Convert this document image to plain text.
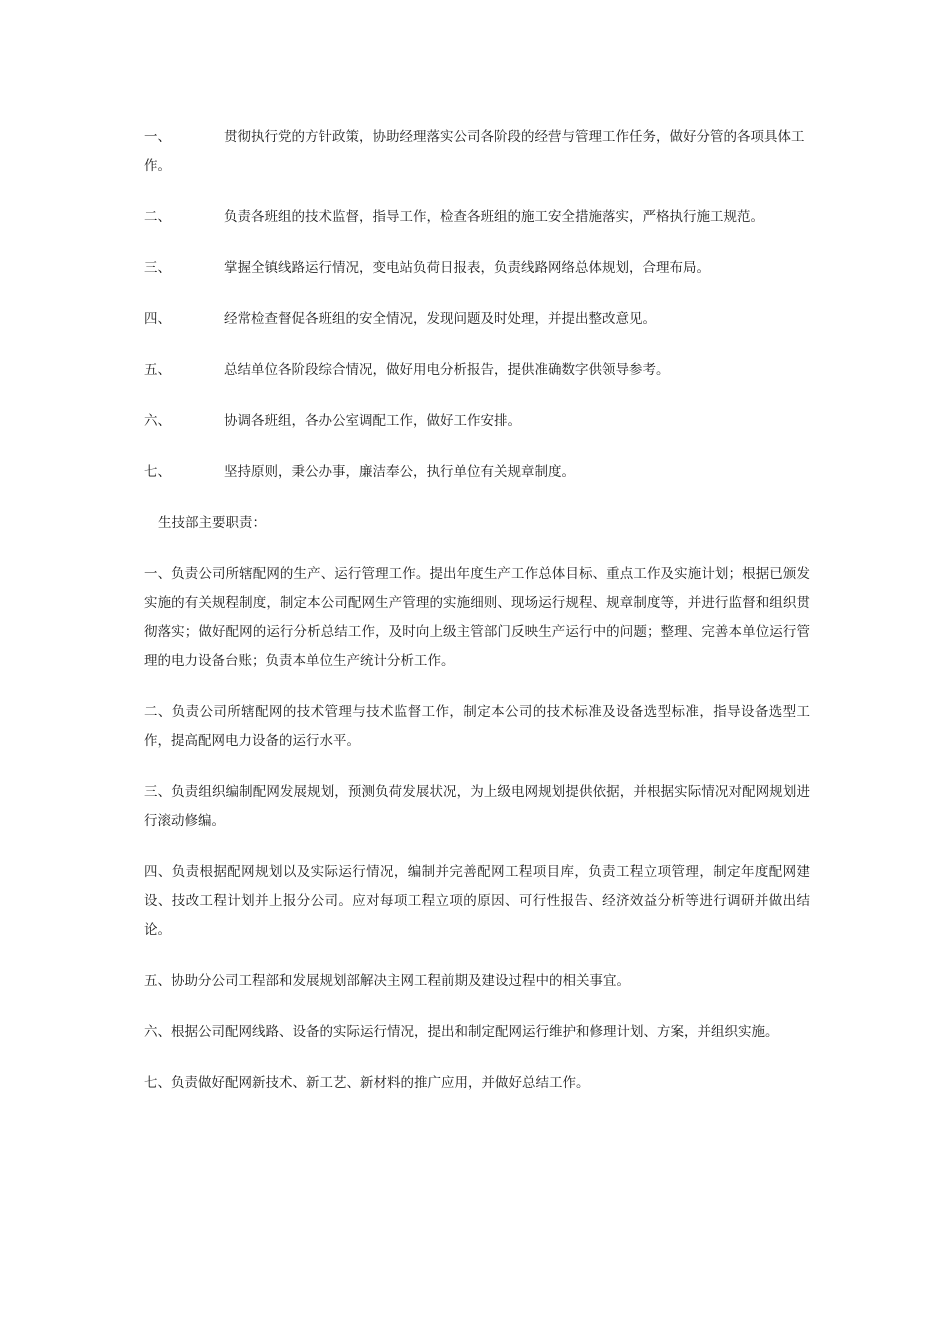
一、	贯彻执行党的方针政策，协助经理落实公司各阶段的经营与管理工作任务，做好分管的各项具体工作。

二、	负责各班组的技术监督，指导工作，检查各班组的施工安全措施落实，严格执行施工规范。

三、	掌握全镇线路运行情况，变电站负荷日报表，负责线路网络总体规划，合理布局。

四、	经常检查督促各班组的安全情况，发现问题及时处理，并提出整改意见。

五、	总结单位各阶段综合情况，做好用电分析报告，提供准确数字供领导参考。

六、	协调各班组，各办公室调配工作，做好工作安排。

七、	坚持原则，秉公办事，廉洁奉公，执行单位有关规章制度。

生技部主要职责：

一、负责公司所辖配网的生产、运行管理工作。提出年度生产工作总体目标、重点工作及实施计划；根据已颁发实施的有关规程制度，制定本公司配网生产管理的实施细则、现场运行规程、规章制度等，并进行监督和组织贯彻落实；做好配网的运行分析总结工作，及时向上级主管部门反映生产运行中的问题；整理、完善本单位运行管理的电力设备台账；负责本单位生产统计分析工作。

二、负责公司所辖配网的技术管理与技术监督工作，制定本公司的技术标准及设备选型标准，指导设备选型工作，提高配网电力设备的运行水平。

三、负责组织编制配网发展规划，预测负荷发展状况，为上级电网规划提供依据，并根据实际情况对配网规划进行滚动修编。

四、负责根据配网规划以及实际运行情况，编制并完善配网工程项目库，负责工程立项管理，制定年度配网建设、技改工程计划并上报分公司。应对每项工程立项的原因、可行性报告、经济效益分析等进行调研并做出结论。

五、协助分公司工程部和发展规划部解决主网工程前期及建设过程中的相关事宜。

六、根据公司配网线路、设备的实际运行情况，提出和制定配网运行维护和修理计划、方案，并组织实施。

七、负责做好配网新技术、新工艺、新材料的推广应用，并做好总结工作。
